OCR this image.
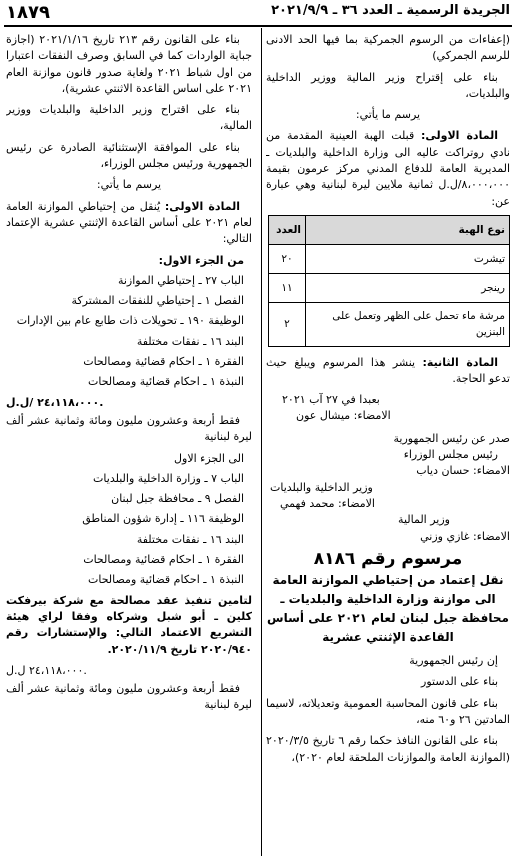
الجريدة الرسمية ـ العدد ٣٦ ـ ٢٠٢١/٩/٩
١٨٧٩

(إعفاءات من الرسوم الجمركية بما فيها الحد الادنى للرسم الجمركي)

بناء على إقتراح وزير المالية ووزير الداخلية والبلديات،

يرسم ما يأتي:

المادة الاولى: قبلت الهبة العينية المقدمة من نادي روتراكت عاليه الى وزارة الداخلية والبلديات ـ المديرية العامة للدفاع المدني مركز عرمون بقيمة ٨،٠٠٠،٠٠٠/ل.ل ثمانية ملايين ليرة لبنانية وهي عبارة عن:

نوع الهبة	العدد
تيشرت	٢٠
رينجر	١١
مرشة ماء تحمل على الظهر وتعمل على البنزين	٢

المادة الثانية: ينشر هذا المرسوم ويبلغ حيث تدعو الحاجة.

بعبدا في ٢٧ آب ٢٠٢١

الامضاء: ميشال عون

صدر عن رئيس الجمهورية

رئيس مجلس الوزراء

الامضاء: حسان دياب

وزير الداخلية والبلديات

الامضاء: محمد فهمي

وزير المالية

الامضاء: غازي وزني

مرسوم رقم ٨١٨٦
نقل إعتماد من إحتياطي الموازنة العامة الى موازنة وزارة الداخلية والبلديات ـ محافظة جبل لبنان لعام ٢٠٢١ على أساس القاعدة الإثنتي عشرية

إن رئيس الجمهورية

بناء على الدستور

بناء على قانون المحاسبة العمومية وتعديلاته، لاسيما المادتين ٢٦ و٦٠ منه،

بناء على القانون النافذ حكما رقم ٦ تاريخ ٢٠٢٠/٣/٥ (الموازنة العامة والموازنات الملحقة لعام ٢٠٢٠)،

بناء على القانون رقم ٢١٣ تاريخ ٢٠٢١/١/١٦ (اجازة جباية الواردات كما في السابق وصرف النفقات اعتبارا من اول شباط ٢٠٢١ ولغاية صدور قانون موازنة العام ٢٠٢١ على اساس القاعدة الاثنتي عشرية)،

بناء على اقتراح وزير الداخلية والبلديات ووزير المالية،

بناء على الموافقة الإستثنائية الصادرة عن رئيس الجمهورية ورئيس مجلس الوزراء،

يرسم ما يأتي:

المادة الاولى: يُنقل من إحتياطي الموازنة العامة لعام ٢٠٢١ على أساس القاعدة الإثنتي عشرية الإعتماد التالي:

من الجزء الاول:

الباب ٢٧ ـ إحتياطي الموازنة

الفصل ١ ـ إحتياطي للنفقات المشتركة

الوظيفة ١٩٠ ـ تحويلات ذات طابع عام بين الإدارات

البند ١٦ ـ نفقات مختلفة

الفقرة ١ ـ احكام قضائية ومصالحات

النبذة ١ ـ احكام قضائية ومصالحات

٢٤،١١٨،٠٠٠ /ل.ل.

فقط أربعة وعشرون مليون ومائة وثمانية عشر ألف ليرة لبنانية

الى الجزء الاول

الباب ٧ ـ وزارة الداخلية والبلديات

الفصل ٩ ـ محافظة جبل لبنان

الوظيفة ١١٦ ـ إدارة شؤون المناطق

البند ١٦ ـ نفقات مختلفة

الفقرة ١ ـ احكام قضائية ومصالحات

النبذة ١ ـ احكام قضائية ومصالحات

لتامين تنفيذ عقد مصالحة مع شركة بيرفكت كلين ـ أبو شبل وشركاه وفقا لراي هيئة التشريع الاعتماد التالي: والإستشارات رقم ٢٠٢٠/٩٤٠ تاريخ ٢٠٢٠/١١/٩.

٢٤،١١٨،٠٠٠ ل.ل.

فقط أربعة وعشرون مليون ومائة وثمانية عشر ألف ليرة لبنانية
